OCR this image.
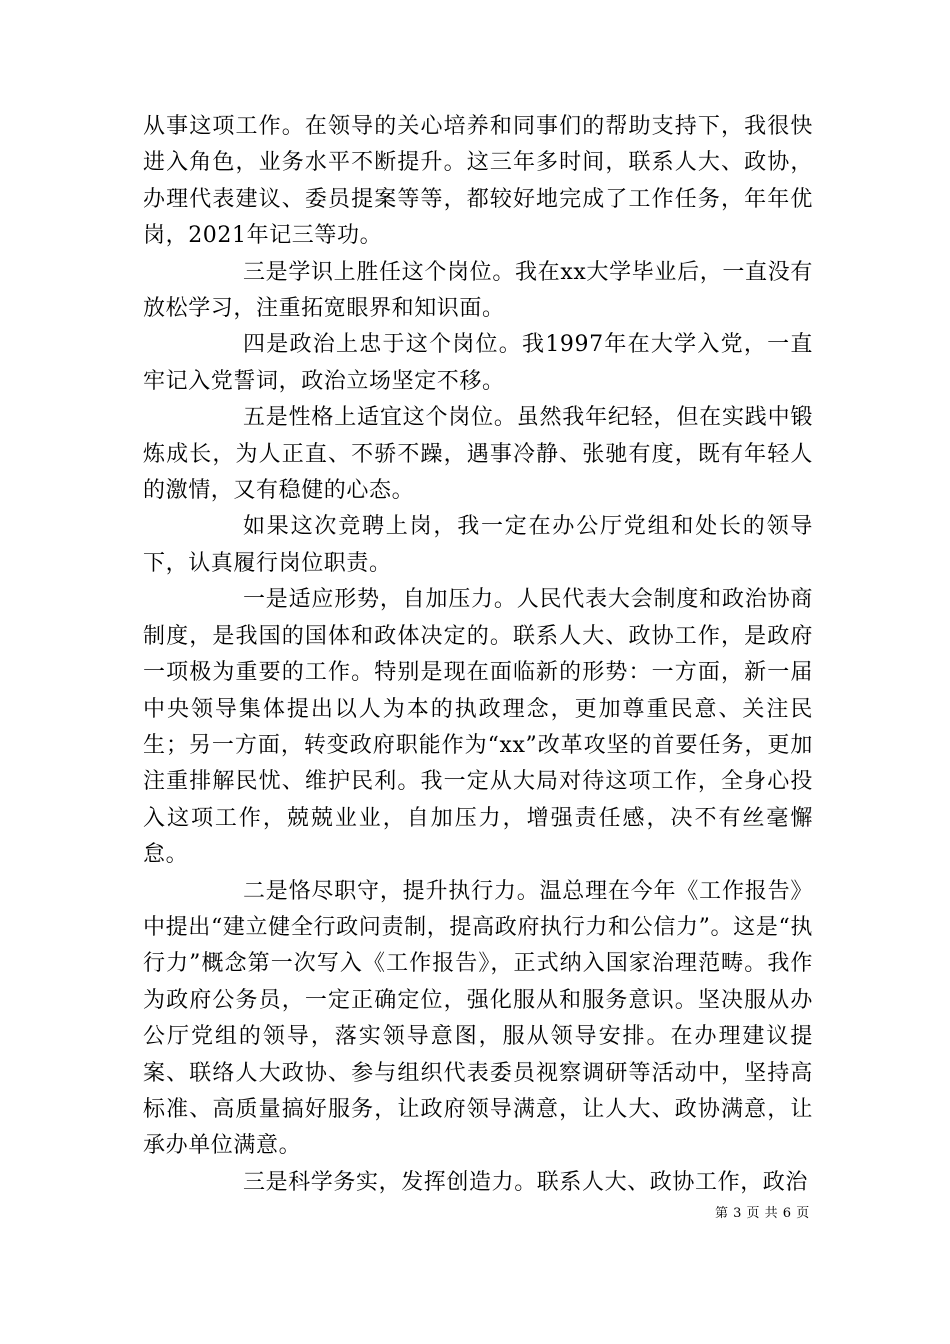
从事这项工作。在领导的关心培养和同事们的帮助支持下，我很快进入角色，业务水平不断提升。这三年多时间，联系人大、政协，办理代表建议、委员提案等等，都较好地完成了工作任务，年年优岗，2021年记三等功。

三是学识上胜任这个岗位。我在xx大学毕业后，一直没有放松学习，注重拓宽眼界和知识面。

四是政治上忠于这个岗位。我1997年在大学入党，一直牢记入党誓词，政治立场坚定不移。

五是性格上适宜这个岗位。虽然我年纪轻，但在实践中锻炼成长，为人正直、不骄不躁，遇事冷静、张驰有度，既有年轻人的激情，又有稳健的心态。

如果这次竞聘上岗，我一定在办公厅党组和处长的领导下，认真履行岗位职责。

一是适应形势，自加压力。人民代表大会制度和政治协商制度，是我国的国体和政体决定的。联系人大、政协工作，是政府一项极为重要的工作。特别是现在面临新的形势：一方面，新一届中央领导集体提出以人为本的执政理念，更加尊重民意、关注民生；另一方面，转变政府职能作为“xx”改革攻坚的首要任务，更加注重排解民忧、维护民利。我一定从大局对待这项工作，全身心投入这项工作，兢兢业业，自加压力，增强责任感，决不有丝毫懈怠。

二是恪尽职守，提升执行力。温总理在今年《工作报告》中提出“建立健全行政问责制，提高政府执行力和公信力”。这是“执行力”概念第一次写入《工作报告》，正式纳入国家治理范畴。我作为政府公务员，一定正确定位，强化服从和服务意识。坚决服从办公厅党组的领导，落实领导意图，服从领导安排。在办理建议提案、联络人大政协、参与组织代表委员视察调研等活动中，坚持高标准、高质量搞好服务，让政府领导满意，让人大、政协满意，让承办单位满意。

三是科学务实，发挥创造力。联系人大、政协工作，政治

第 3 页 共 6 页
